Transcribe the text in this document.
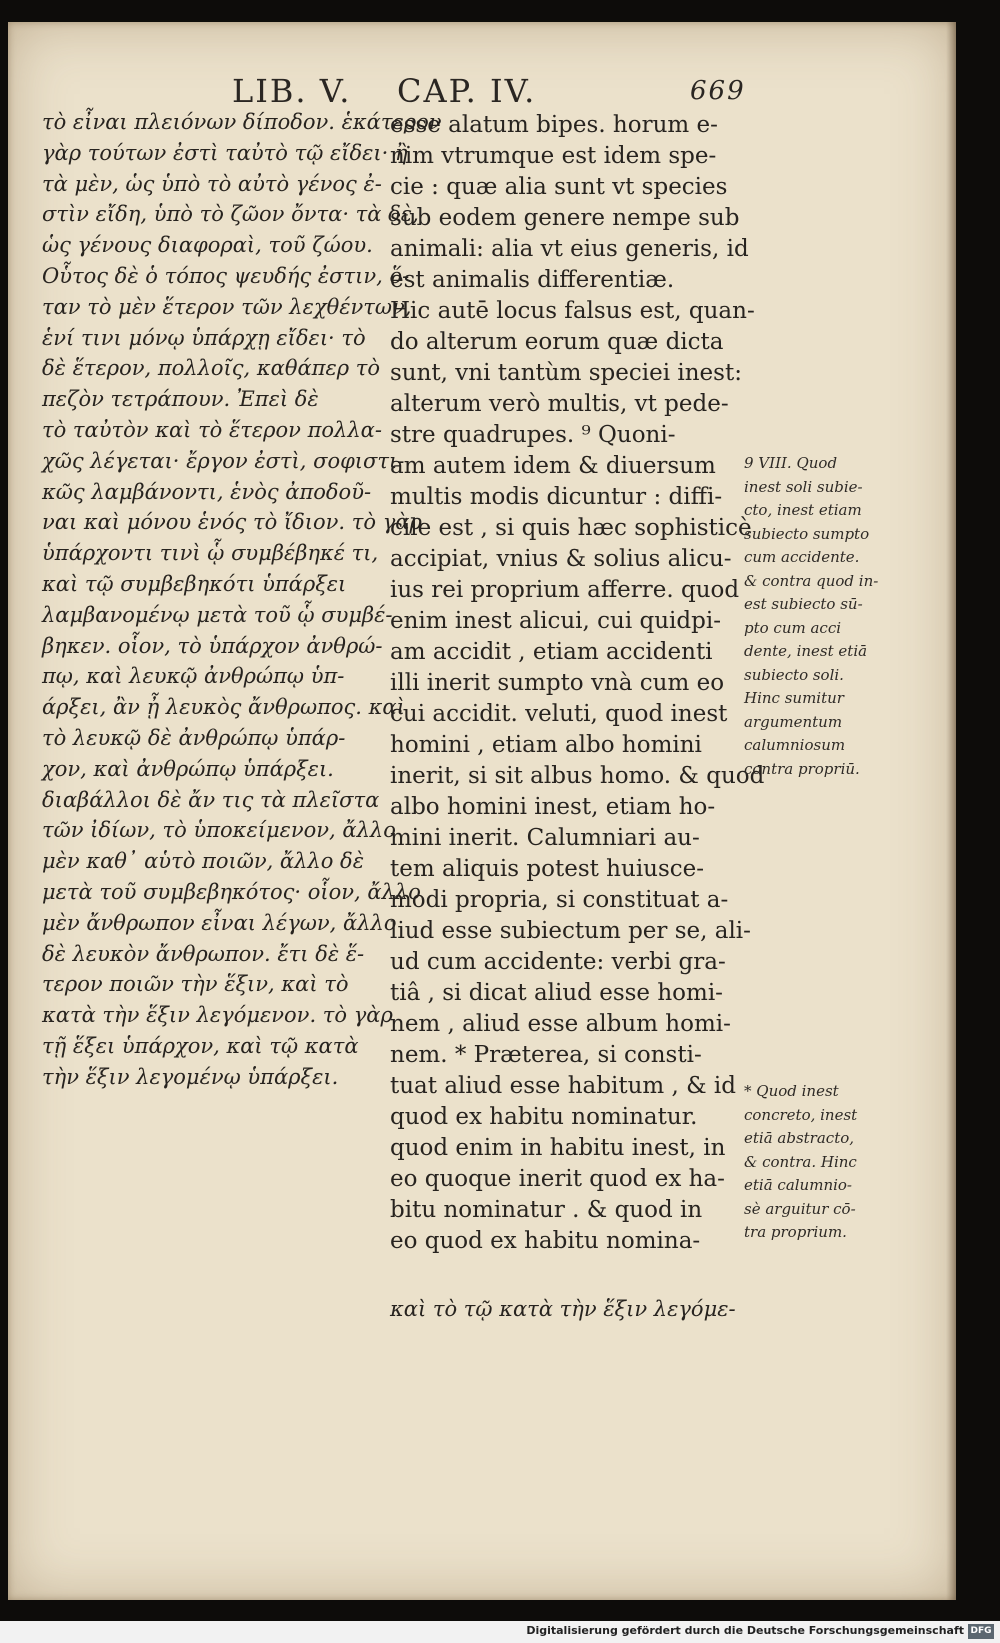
LIB. V. CAP. IV.	669
τὸ εἶναι πλειόνων δίποδον. ἑκάτερον
γὰρ τούτων ἐστὶ ταὐτὸ τῷ εἴδει· ἢ
τὰ μὲν, ὡς ὑπὸ τὸ αὐτὸ γένος ἐ-
στὶν εἴδη, ὑπὸ τὸ ζῶον ὄντα· τὰ δὲ,
ὡς γένους διαφοραὶ, τοῦ ζώου.
Οὗτος δὲ ὁ τόπος ψευδής ἐστιν, ὅ-
ταν τὸ μὲν ἕτερον τῶν λεχθέντων,
ἑνί τινι μόνῳ ὑπάρχῃ εἴδει· τὸ
δὲ ἕτερον, πολλοῖς, καθάπερ τὸ
πεζὸν τετράπουν. Ἐπεὶ δὲ
τὸ ταὐτὸν καὶ τὸ ἕτερον πολλα-
χῶς λέγεται· ἔργον ἐστὶ, σοφιστι-
κῶς λαμβάνοντι, ἑνὸς ἀποδοῦ-
ναι καὶ μόνου ἑνός τὸ ἴδιον. τὸ γὰρ
ὑπάρχοντι τινὶ ᾧ συμβέβηκέ τι,
καὶ τῷ συμβεβηκότι ὑπάρξει
λαμβανομένῳ μετὰ τοῦ ᾧ συμβέ-
βηκεν. οἷον, τὸ ὑπάρχον ἀνθρώ-
πῳ, καὶ λευκῷ ἀνθρώπῳ ὑπ-
άρξει, ἂν ᾖ λευκὸς ἄνθρωπος. καὶ
τὸ λευκῷ δὲ ἀνθρώπῳ ὑπάρ-
χον, καὶ ἀνθρώπῳ ὑπάρξει.
διαβάλλοι δὲ ἄν τις τὰ πλεῖστα
τῶν ἰδίων, τὸ ὑποκείμενον, ἄλλο
μὲν καθ᾽ αὑτὸ ποιῶν, ἄλλο δὲ
μετὰ τοῦ συμβεβηκότος· οἷον, ἄλλο
μὲν ἄνθρωπον εἶναι λέγων, ἄλλο
δὲ λευκὸν ἄνθρωπον. ἔτι δὲ ἕ-
τερον ποιῶν τὴν ἕξιν, καὶ τὸ
κατὰ τὴν ἕξιν λεγόμενον. τὸ γὰρ
τῇ ἕξει ὑπάρχον, καὶ τῷ κατὰ
τὴν ἕξιν λεγομένῳ ὑπάρξει.
esse alatum bipes. horum e-
nim vtrumque est idem spe-
cie : quæ alia sunt vt species
sub eodem genere nempe sub
animali: alia vt eius generis, id
est animalis differentiæ.
Hic autē locus falsus est, quan-
do alterum eorum quæ dicta
sunt, vni tantùm speciei inest:
alterum verò multis, vt pede-
stre quadrupes. ⁹ Quoni-
am autem idem & diuersum
multis modis dicuntur : diffi-
cile est , si quis hæc sophisticè
accipiat, vnius & solius alicu-
ius rei proprium afferre. quod
enim inest alicui, cui quidpi-
am accidit , etiam accidenti
illi inerit sumpto vnà cum eo
cui accidit. veluti, quod inest
homini , etiam albo homini
inerit, si sit albus homo. & quod
albo homini inest, etiam ho-
mini inerit. Calumniari au-
tem aliquis potest huiusce-
modi propria, si constituat a-
liud esse subiectum per se, ali-
ud cum accidente: verbi gra-
tiâ , si dicat aliud esse homi-
nem , aliud esse album homi-
nem. * Præterea, si consti-
tuat aliud esse habitum , & id
quod ex habitu nominatur.
quod enim in habitu inest, in
eo quoque inerit quod ex ha-
bitu nominatur . & quod in
eo quod ex habitu nomina-
9 VIII. Quod
inest soli subie-
cto, inest etiam
subiecto sumpto
cum accidente.
& contra quod in-
est subiecto sū-
pto cum acci
dente, inest etiā
subiecto soli.
Hinc sumitur
argumentum
calumniosum
contra propriū.
* Quod inest
concreto, inest
etiā abstracto,
& contra. Hinc
etiā calumnio-
sè arguitur cō-
tra proprium.
καὶ τὸ τῷ κατὰ τὴν ἕξιν λεγόμε-
Digitalisierung gefördert durch die Deutsche Forschungsgemeinschaft DFG
